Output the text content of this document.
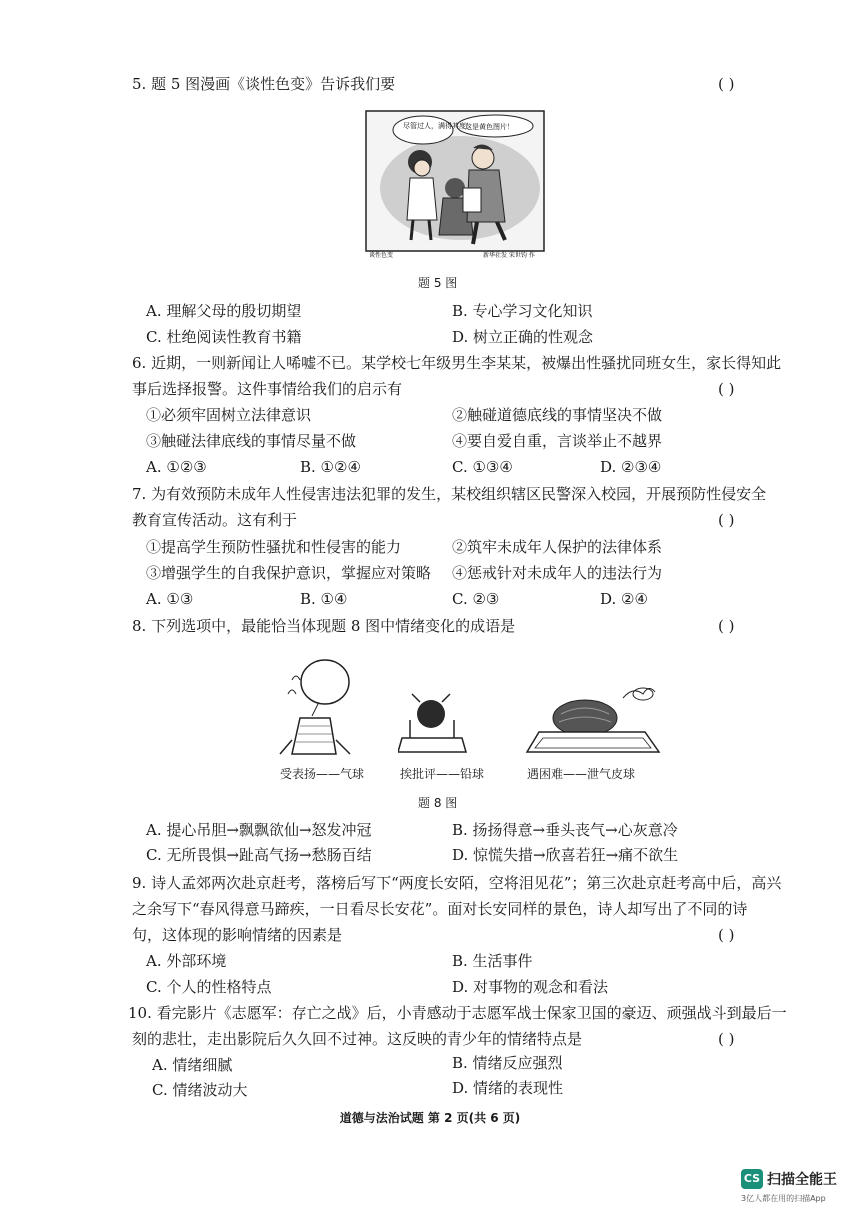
5. 题 5 图漫画《谈性色变》告诉我们要	( )
尽管过人，满得其度！
这是黄色图片！
谈性色变	新华社发 宋世钧 作
题 5 图
A. 理解父母的殷切期望	B. 专心学习文化知识
C. 杜绝阅读性教育书籍	D. 树立正确的性观念
6. 近期，一则新闻让人唏嘘不已。某学校七年级男生李某某，被爆出性骚扰同班女生，家长得知此
事后选择报警。这件事情给我们的启示有	( )
①必须牢固树立法律意识	②触碰道德底线的事情坚决不做
③触碰法律底线的事情尽量不做	④要自爱自重，言谈举止不越界
A. ①②③	B. ①②④	C. ①③④	D. ②③④
7. 为有效预防未成年人性侵害违法犯罪的发生，某校组织辖区民警深入校园，开展预防性侵安全
教育宣传活动。这有利于	( )
①提高学生预防性骚扰和性侵害的能力	②筑牢未成年人保护的法律体系
③增强学生的自我保护意识，掌握应对策略 ④惩戒针对未成年人的违法行为
A. ①③	B. ①④	C. ②③	D. ②④
8. 下列选项中，最能恰当体现题 8 图中情绪变化的成语是	( )
受表扬——气球	挨批评——铅球	遇困难——泄气皮球
题 8 图
A. 提心吊胆→飘飘欲仙→怒发冲冠	B. 扬扬得意→垂头丧气→心灰意冷
C. 无所畏惧→趾高气扬→愁肠百结	D. 惊慌失措→欣喜若狂→痛不欲生
9. 诗人孟郊两次赴京赶考，落榜后写下“两度长安陌，空将泪见花”；第三次赴京赶考高中后，高兴
之余写下“春风得意马蹄疾，一日看尽长安花”。面对长安同样的景色，诗人却写出了不同的诗
句，这体现的影响情绪的因素是	( )
A. 外部环境	B. 生活事件
C. 个人的性格特点	D. 对事物的观念和看法
10. 看完影片《志愿军：存亡之战》后，小青感动于志愿军战士保家卫国的豪迈、顽强战斗到最后一
刻的悲壮，走出影院后久久回不过神。这反映的青少年的情绪特点是	( )
A. 情绪细腻	B. 情绪反应强烈
C. 情绪波动大	D. 情绪的表现性
道德与法治试题 第 2 页(共 6 页)
CS 扫描全能王
3亿人都在用的扫描App
